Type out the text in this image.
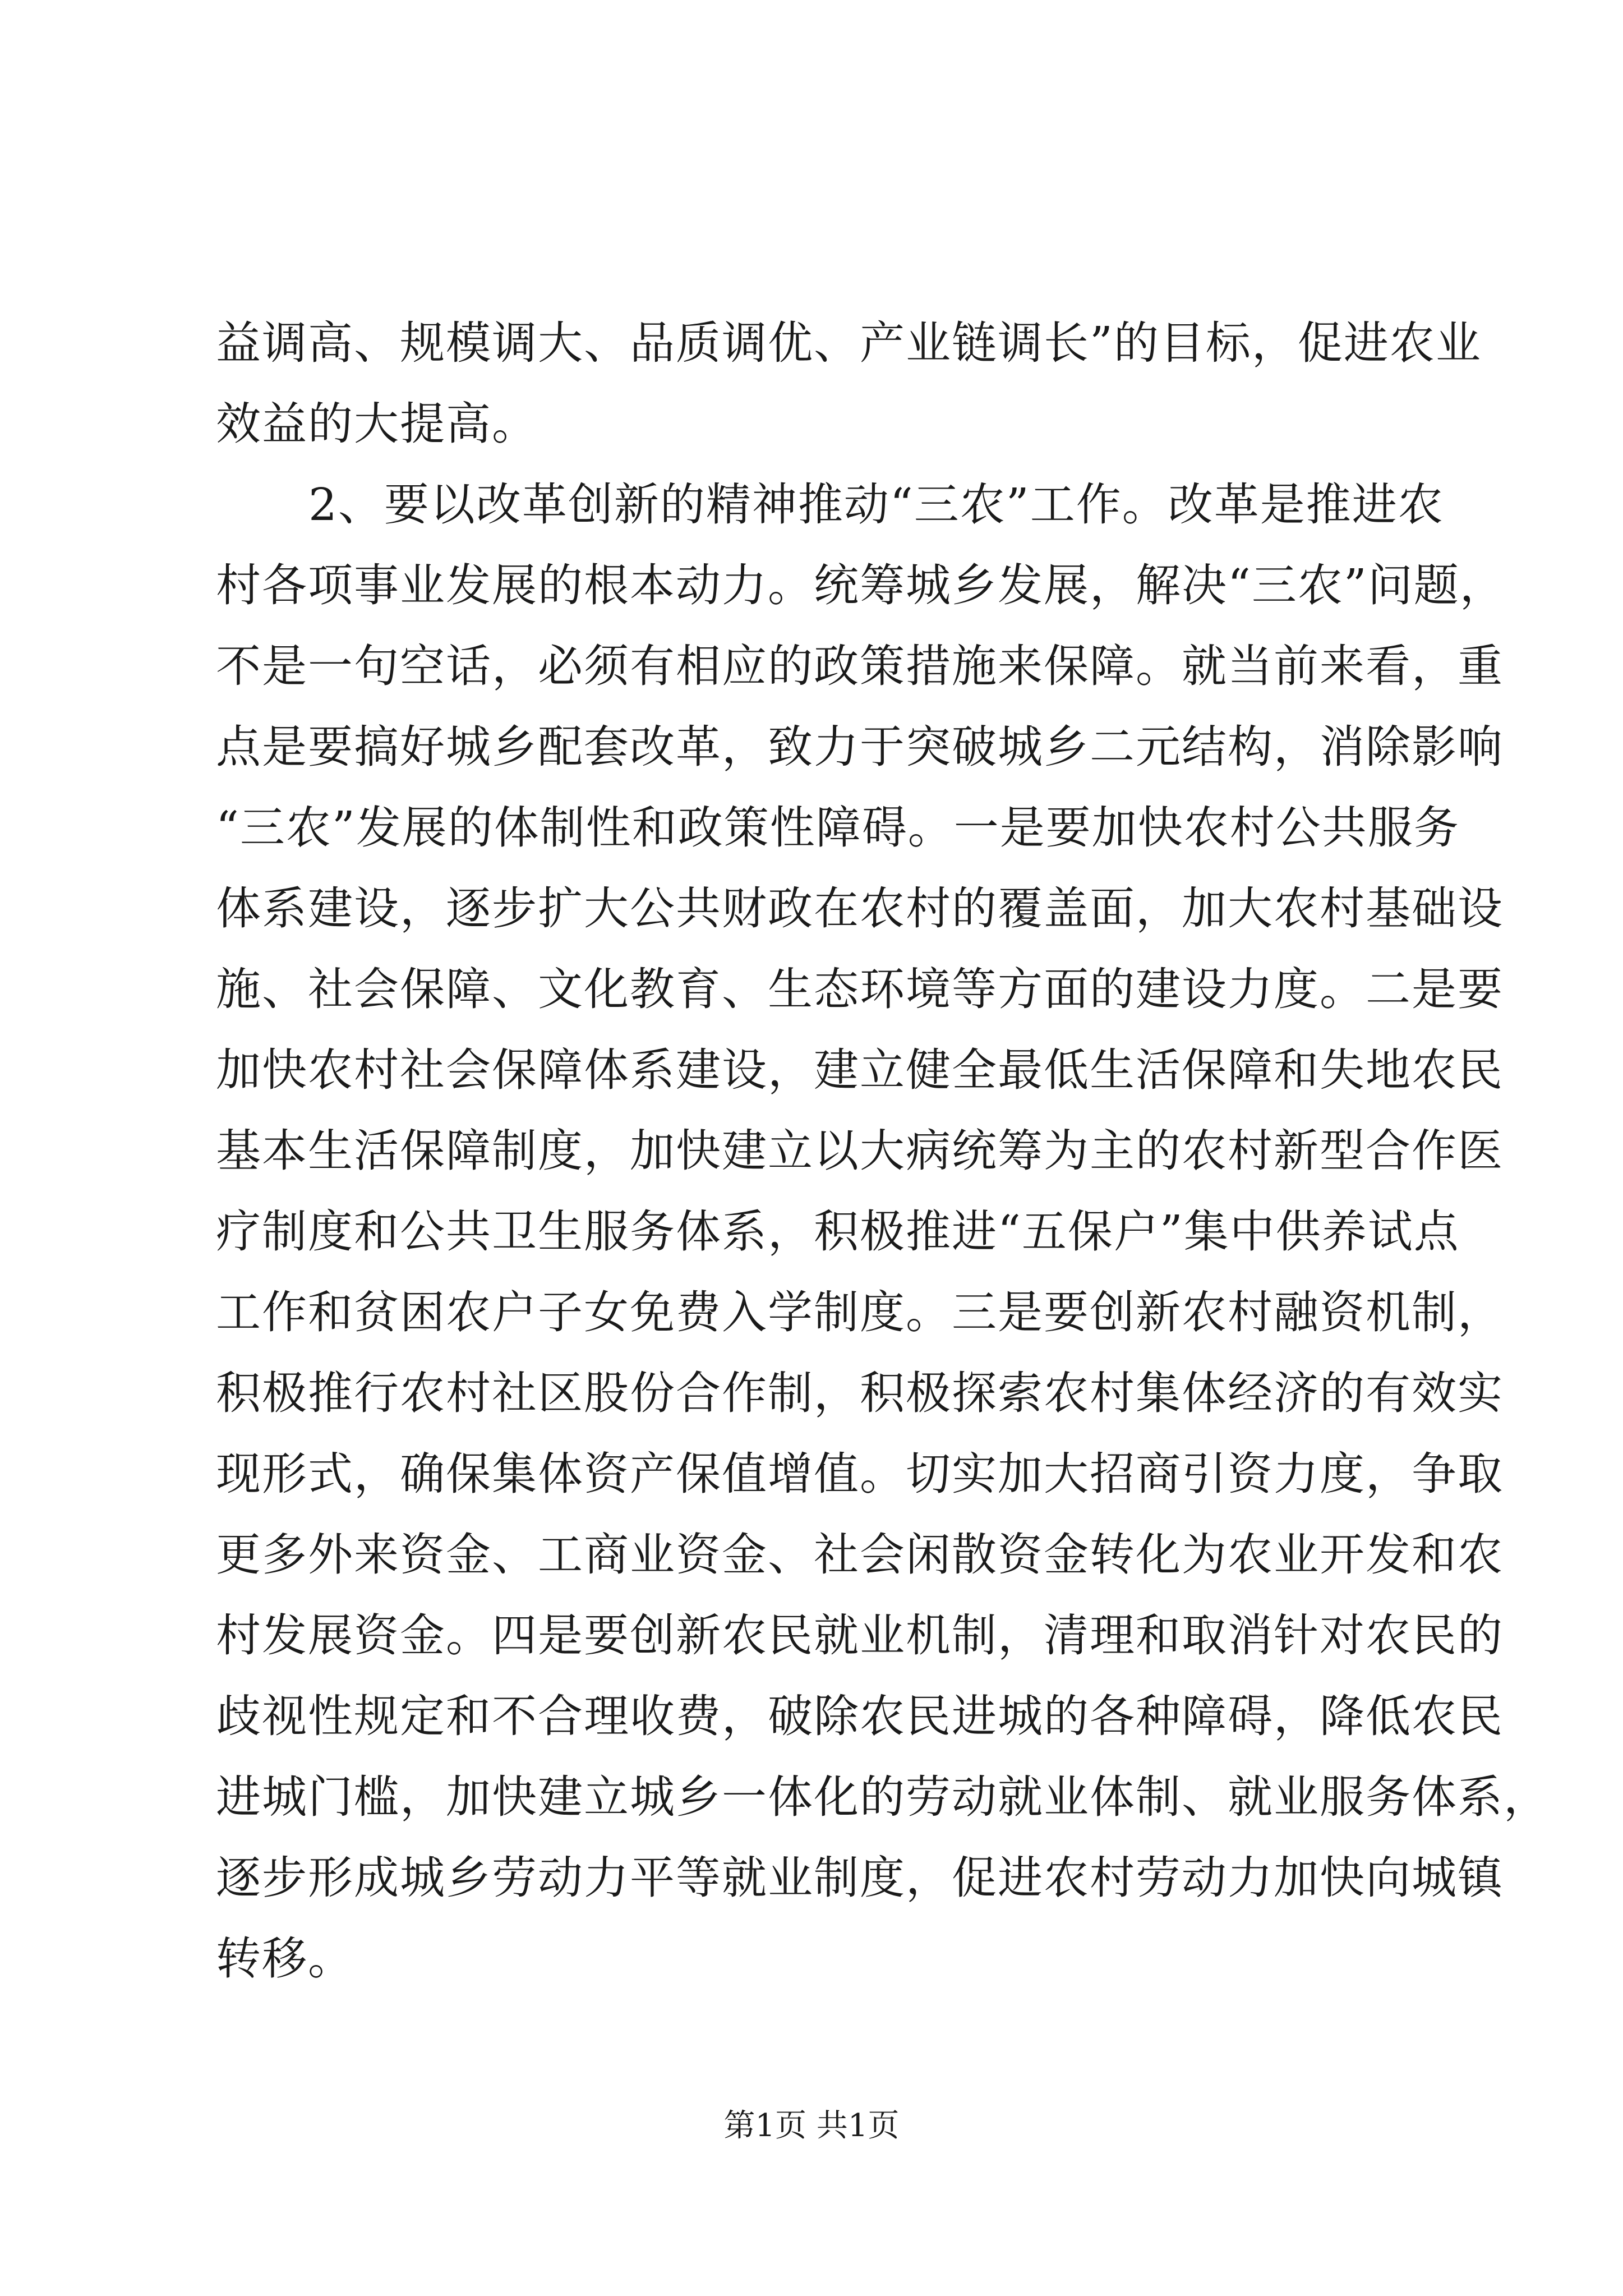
益调高、规模调大、品质调优、产业链调长”的目标，促进农业
效益的大提高。
2、要以改革创新的精神推动“三农”工作。改革是推进农
村各项事业发展的根本动力。统筹城乡发展，解决“三农”问题，
不是一句空话，必须有相应的政策措施来保障。就当前来看，重
点是要搞好城乡配套改革，致力于突破城乡二元结构，消除影响
“三农”发展的体制性和政策性障碍。一是要加快农村公共服务
体系建设，逐步扩大公共财政在农村的覆盖面，加大农村基础设
施、社会保障、文化教育、生态环境等方面的建设力度。二是要
加快农村社会保障体系建设，建立健全最低生活保障和失地农民
基本生活保障制度，加快建立以大病统筹为主的农村新型合作医
疗制度和公共卫生服务体系，积极推进“五保户”集中供养试点
工作和贫困农户子女免费入学制度。三是要创新农村融资机制，
积极推行农村社区股份合作制，积极探索农村集体经济的有效实
现形式，确保集体资产保值增值。切实加大招商引资力度，争取
更多外来资金、工商业资金、社会闲散资金转化为农业开发和农
村发展资金。四是要创新农民就业机制，清理和取消针对农民的
歧视性规定和不合理收费，破除农民进城的各种障碍，降低农民
进城门槛，加快建立城乡一体化的劳动就业体制、就业服务体系，
逐步形成城乡劳动力平等就业制度，促进农村劳动力加快向城镇
转移。
第1页 共1页
